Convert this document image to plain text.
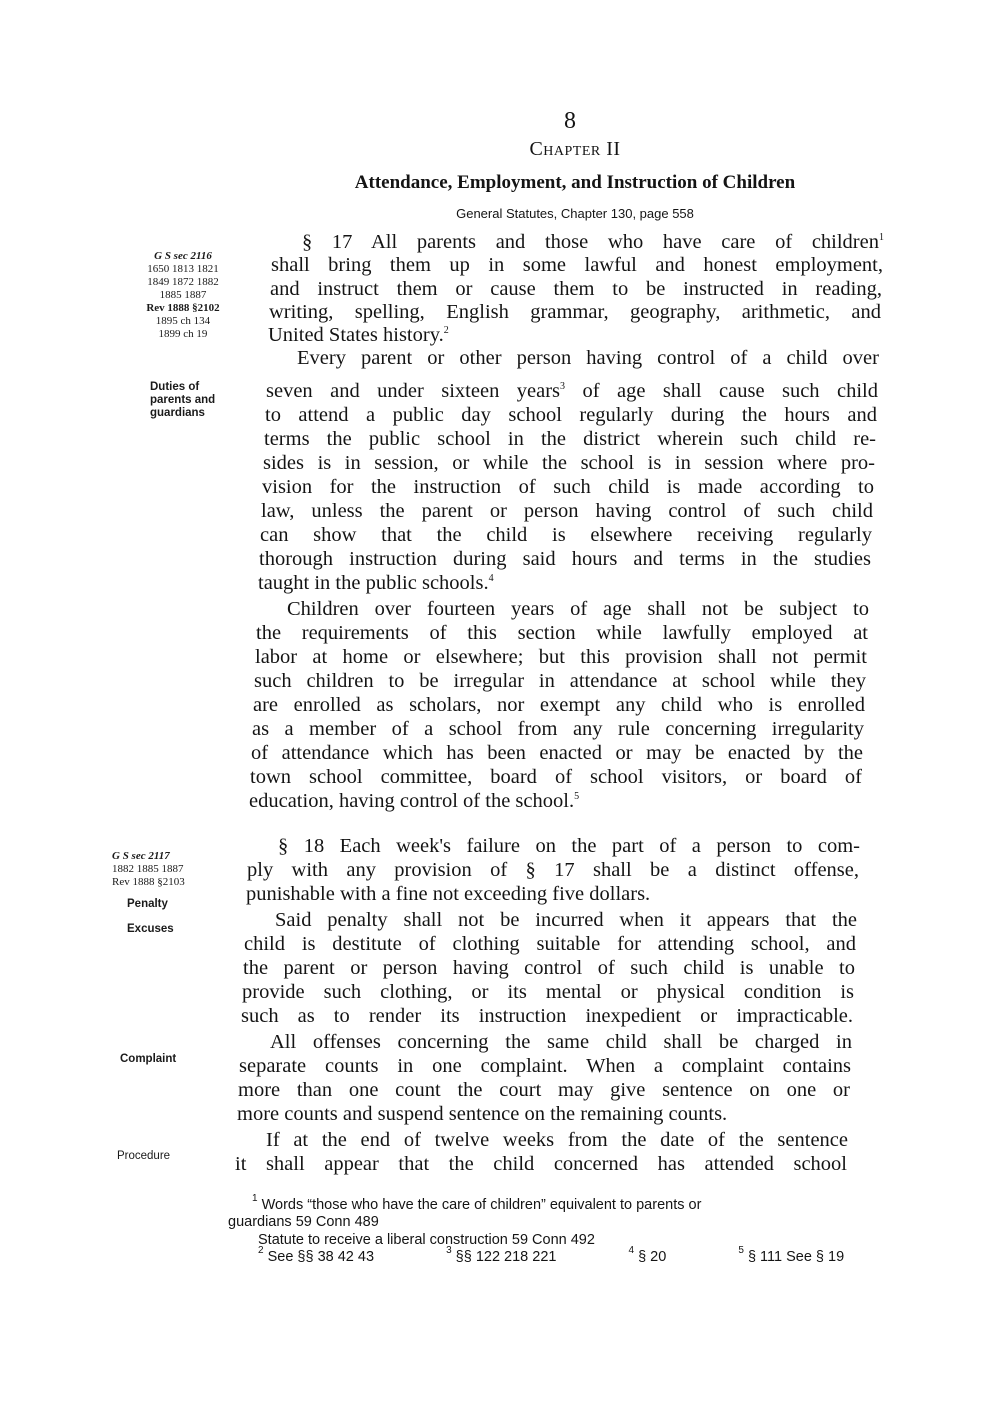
8
Chapter II
Attendance, Employment, and Instruction of Children
General Statutes, Chapter 130, page 558
G S sec 2116
1650 1813 1821
1849 1872 1882
1885 1887
Rev 1888 §2102
1895 ch 134
1899 ch 19
Duties of
parents and
guardians
G S sec 2117
1882 1885 1887
Rev 1888 §2103
Penalty
Excuses
Complaint
Procedure
§ 17 All parents and those who have care of children$^1$
shall bring them up in some lawful and honest employment,
and instruct them or cause them to be instructed in reading,
writing, spelling, English grammar, geography, arithmetic, and
United States history.$^2$
Every parent or other person having control of a child over
seven and under sixteen years$^3$ of age shall cause such child
to attend a public day school regularly during the hours and
terms the public school in the district wherein such child re-
sides is in session, or while the school is in session where pro-
vision for the instruction of such child is made according to
law, unless the parent or person having control of such child
can show that the child is elsewhere receiving regularly
thorough instruction during said hours and terms in the studies
taught in the public schools.$^4$
Children over fourteen years of age shall not be subject to
the requirements of this section while lawfully employed at
labor at home or elsewhere; but this provision shall not permit
such children to be irregular in attendance at school while they
are enrolled as scholars, nor exempt any child who is enrolled
as a member of a school from any rule concerning irregularity
of attendance which has been enacted or may be enacted by the
town school committee, board of school visitors, or board of
education, having control of the school.$^5$
§ 18 Each week's failure on the part of a person to com-
ply with any provision of § 17 shall be a distinct offense,
punishable with a fine not exceeding five dollars.
Said penalty shall not be incurred when it appears that the
child is destitute of clothing suitable for attending school, and
the parent or person having control of such child is unable to
provide such clothing, or its mental or physical condition is
such as to render its instruction inexpedient or impracticable.
All offenses concerning the same child shall be charged in
separate counts in one complaint. When a complaint contains
more than one count the court may give sentence on one or
more counts and suspend sentence on the remaining counts.
If at the end of twelve weeks from the date of the sentence
it shall appear that the child concerned has attended school
$^1$ Words “those who have the care of children” equivalent to parents or
guardians 59 Conn 489
Statute to receive a liberal construction 59 Conn 492
$^2$ See §§ 38 42 43	$^3$ §§ 122 218 221	$^4$ § 20	$^5$ § 111 See § 19
